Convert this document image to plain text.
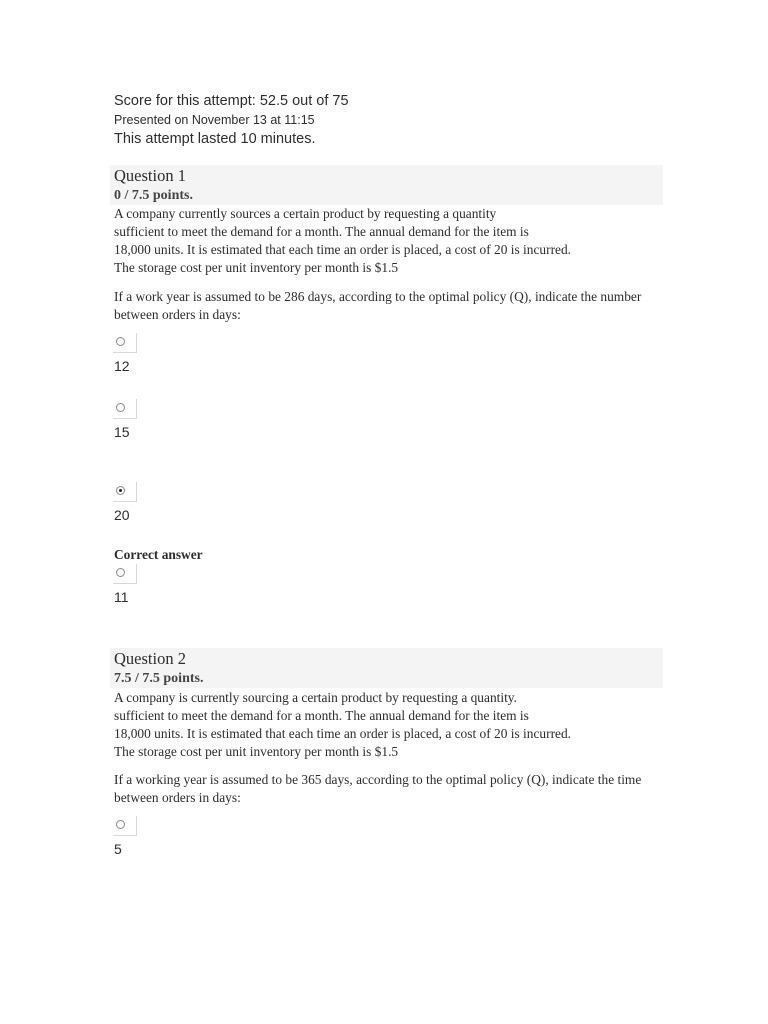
Score for this attempt: 52.5 out of 75
Presented on November 13 at 11:15
This attempt lasted 10 minutes.
Question 1
0 / 7.5 points.
A company currently sources a certain product by requesting a quantity
sufficient to meet the demand for a month. The annual demand for the item is
18,000 units. It is estimated that each time an order is placed, a cost of 20 is incurred.
The storage cost per unit inventory per month is $1.5
If a work year is assumed to be 286 days, according to the optimal policy (Q), indicate the number between orders in days:
12
15
20
Correct answer
11
Question 2
7.5 / 7.5 points.
A company is currently sourcing a certain product by requesting a quantity.
sufficient to meet the demand for a month. The annual demand for the item is
18,000 units. It is estimated that each time an order is placed, a cost of 20 is incurred.
The storage cost per unit inventory per month is $1.5
If a working year is assumed to be 365 days, according to the optimal policy (Q), indicate the time between orders in days:
5
